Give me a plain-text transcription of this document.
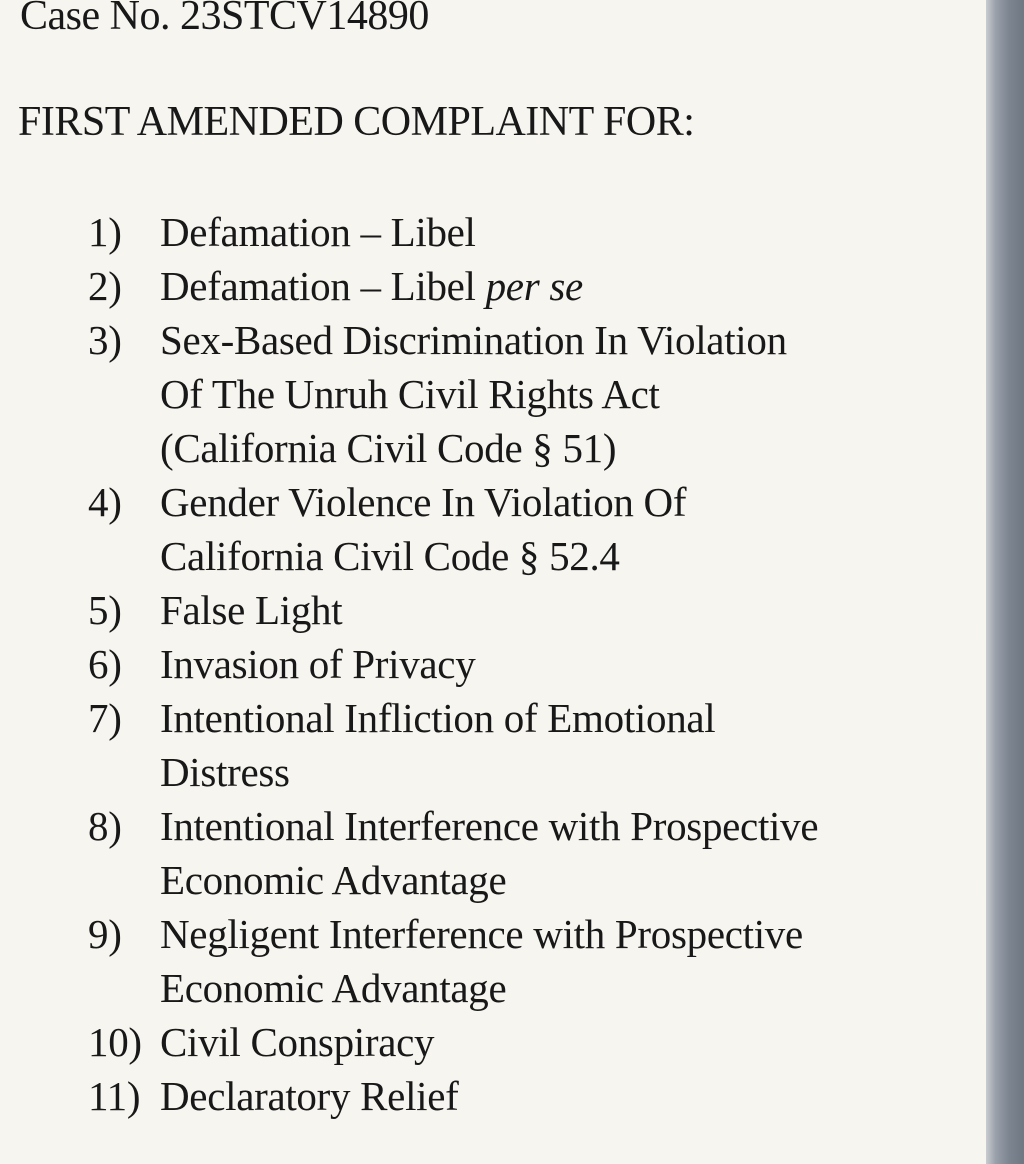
Case No. 23STCV14890
FIRST AMENDED COMPLAINT FOR:
1) Defamation – Libel
2) Defamation – Libel per se
3) Sex-Based Discrimination In Violation
Of The Unruh Civil Rights Act
(California Civil Code § 51)
4) Gender Violence In Violation Of
California Civil Code § 52.4
5) False Light
6) Invasion of Privacy
7) Intentional Infliction of Emotional
Distress
8) Intentional Interference with Prospective
Economic Advantage
9) Negligent Interference with Prospective
Economic Advantage
10) Civil Conspiracy
11) Declaratory Relief
